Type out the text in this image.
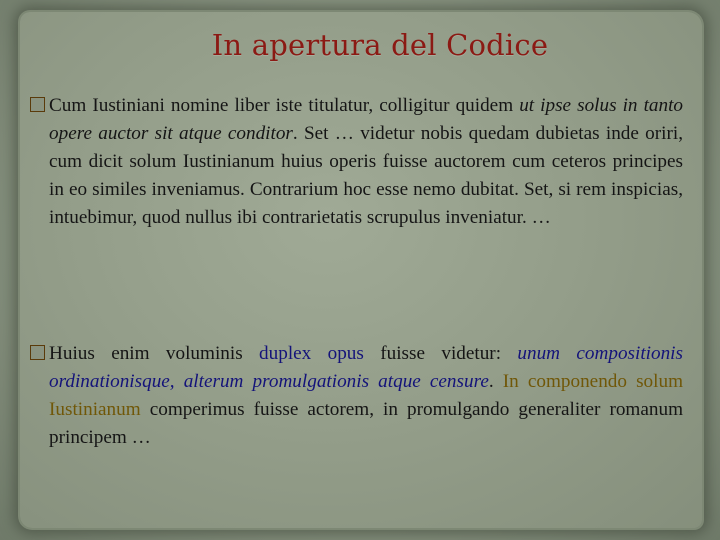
In apertura del Codice
Cum Iustiniani nomine liber iste titulatur, colligitur quidem ut ipse solus in tanto opere auctor sit atque conditor. Set … videtur nobis quedam dubietas inde oriri, cum dicit solum Iustinianum huius operis fuisse auctorem cum ceteros principes in eo similes inveniamus. Contrarium hoc esse nemo dubitat. Set, si rem inspicias, intuebimur, quod nullus ibi contrarietatis scrupulus inveniatur. …
Huius enim voluminis duplex opus fuisse videtur: unum compositionis ordinationisque, alterum promulgationis atque censure. In componendo solum Iustinianum comperimus fuisse actorem, in promulgando generaliter romanum principem …
